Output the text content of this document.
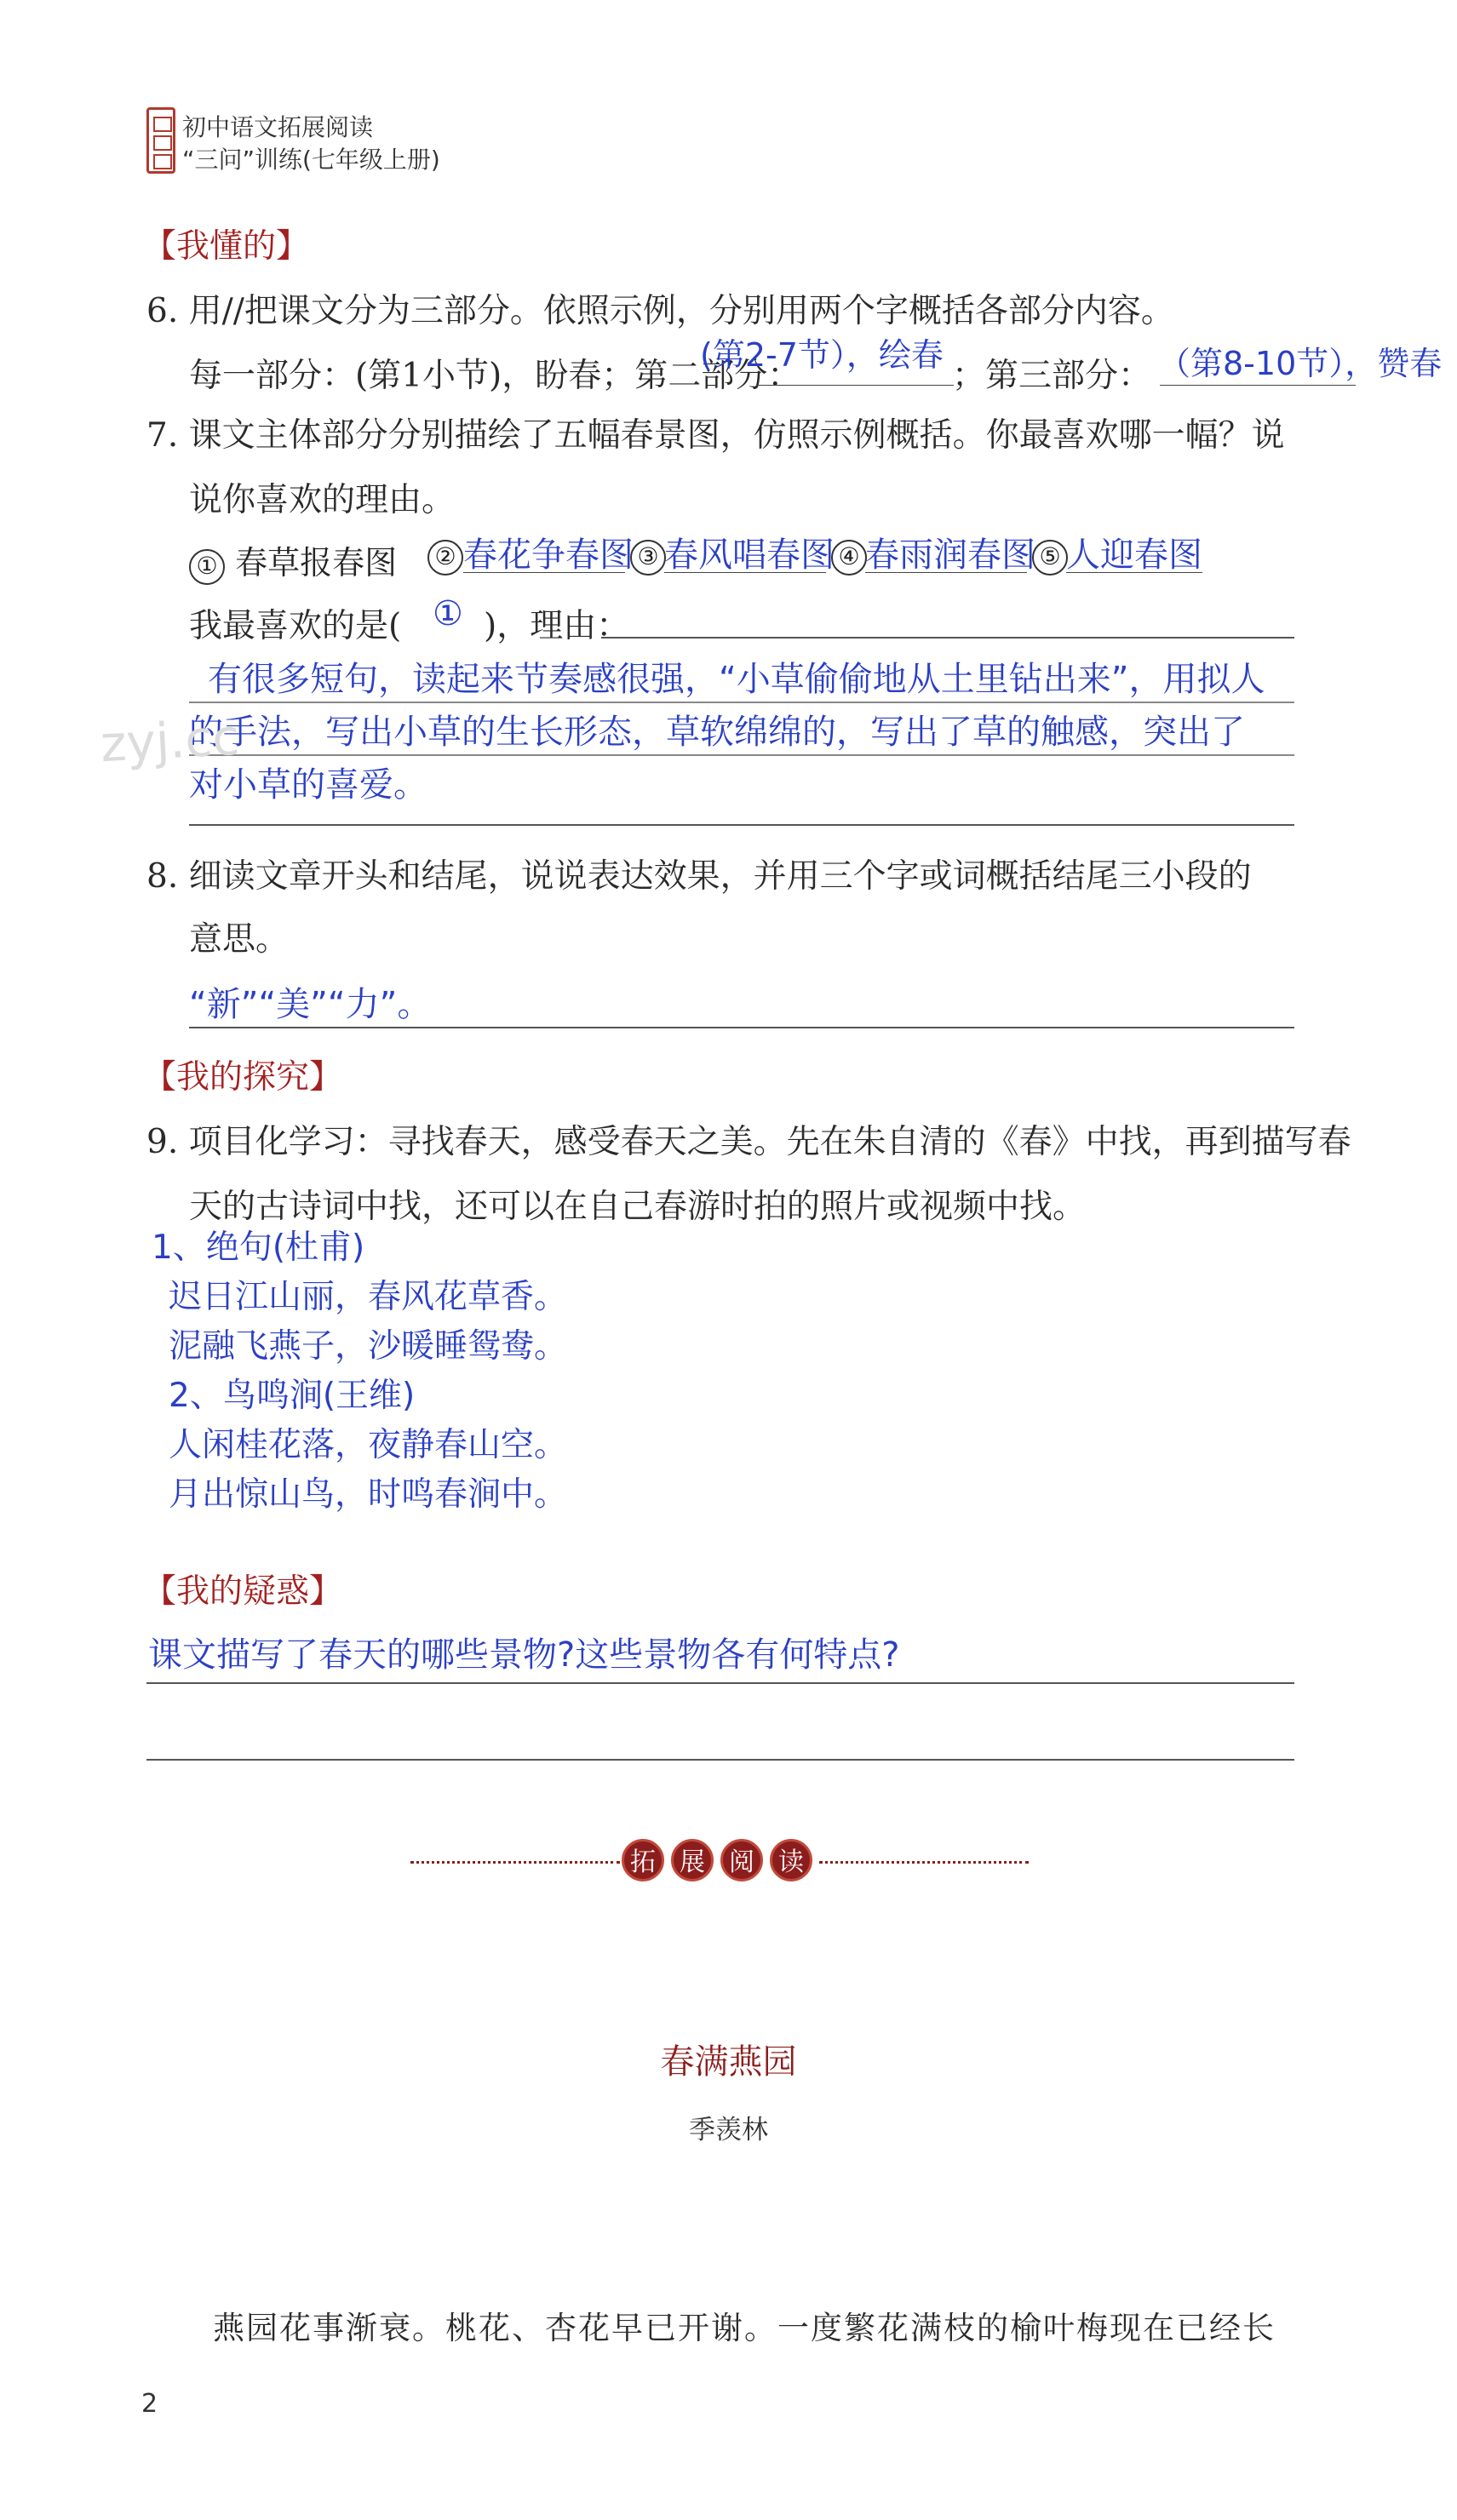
初中语文拓展阅读
“三问”训练(七年级上册)
【我懂的】
6. 用//把课文分为三部分。依照示例，分别用两个字概括各部分内容。
每一部分：(第1小节)，盼春；第二部分：	；第三部分：
(第2-7节），绘春	（第8-10节），赞春
7. 课文主体部分分别描绘了五幅春景图，仿照示例概括。你最喜欢哪一幅？说
说你喜欢的理由。
① 春草报春图	② 春花争春图 ③ 春风唱春图 ④ 春雨润春图 ⑤ 人迎春图
我最喜欢的是( ① )，理由：
有很多短句，读起来节奏感很强，“小草偷偷地从土里钻出来”，用拟人
的手法，写出小草的生长形态，草软绵绵的，写出了草的触感，突出了
对小草的喜爱。
zyj.cc
8. 细读文章开头和结尾，说说表达效果，并用三个字或词概括结尾三小段的
意思。
“新”“美”“力”。
【我的探究】
9. 项目化学习：寻找春天，感受春天之美。先在朱自清的《春》中找，再到描写春
天的古诗词中找，还可以在自己春游时拍的照片或视频中找。
1、绝句(杜甫)
迟日江山丽，春风花草香。
泥融飞燕子，沙暖睡鸳鸯。
2、鸟鸣涧(王维)
人闲桂花落，夜静春山空。
月出惊山鸟，时鸣春涧中。
【我的疑惑】
课文描写了春天的哪些景物?这些景物各有何特点?
拓 展 阅 读
春满燕园
季羡林
燕园花事渐衰。桃花、杏花早已开谢。一度繁花满枝的榆叶梅现在已经长
2
